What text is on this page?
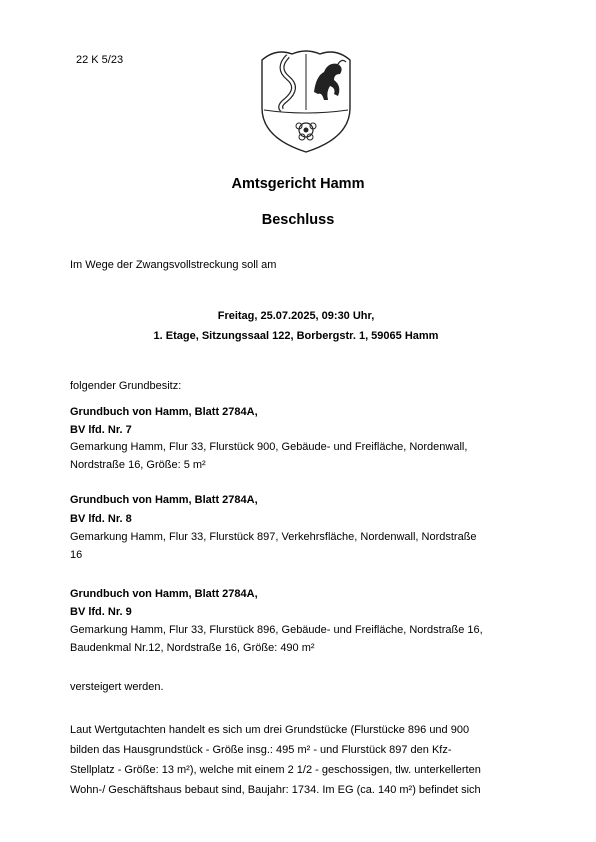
22 K 5/23
Amtsgericht Hamm
Beschluss
Im Wege der Zwangsvollstreckung soll am
Freitag, 25.07.2025, 09:30 Uhr,
1. Etage, Sitzungssaal 122, Borbergstr. 1, 59065 Hamm
folgender Grundbesitz:
Grundbuch von Hamm, Blatt 2784A,
BV lfd. Nr. 7
Gemarkung Hamm, Flur 33, Flurstück 900, Gebäude- und Freifläche, Nordenwall,
Nordstraße 16, Größe: 5 m²
Grundbuch von Hamm, Blatt 2784A,
BV lfd. Nr. 8
Gemarkung Hamm, Flur 33, Flurstück 897, Verkehrsfläche, Nordenwall, Nordstraße
16
Grundbuch von Hamm, Blatt 2784A,
BV lfd. Nr. 9
Gemarkung Hamm, Flur 33, Flurstück 896, Gebäude- und Freifläche, Nordstraße 16,
Baudenkmal Nr.12, Nordstraße 16, Größe: 490 m²
versteigert werden.
Laut Wertgutachten handelt es sich um drei Grundstücke (Flurstücke 896 und 900
bilden das Hausgrundstück - Größe insg.: 495 m² - und Flurstück 897 den Kfz-
Stellplatz - Größe: 13 m²), welche mit einem 2 1/2 - geschossigen, tlw. unterkellerten
Wohn-/ Geschäftshaus bebaut sind, Baujahr: 1734. Im EG (ca. 140 m²) befindet sich
